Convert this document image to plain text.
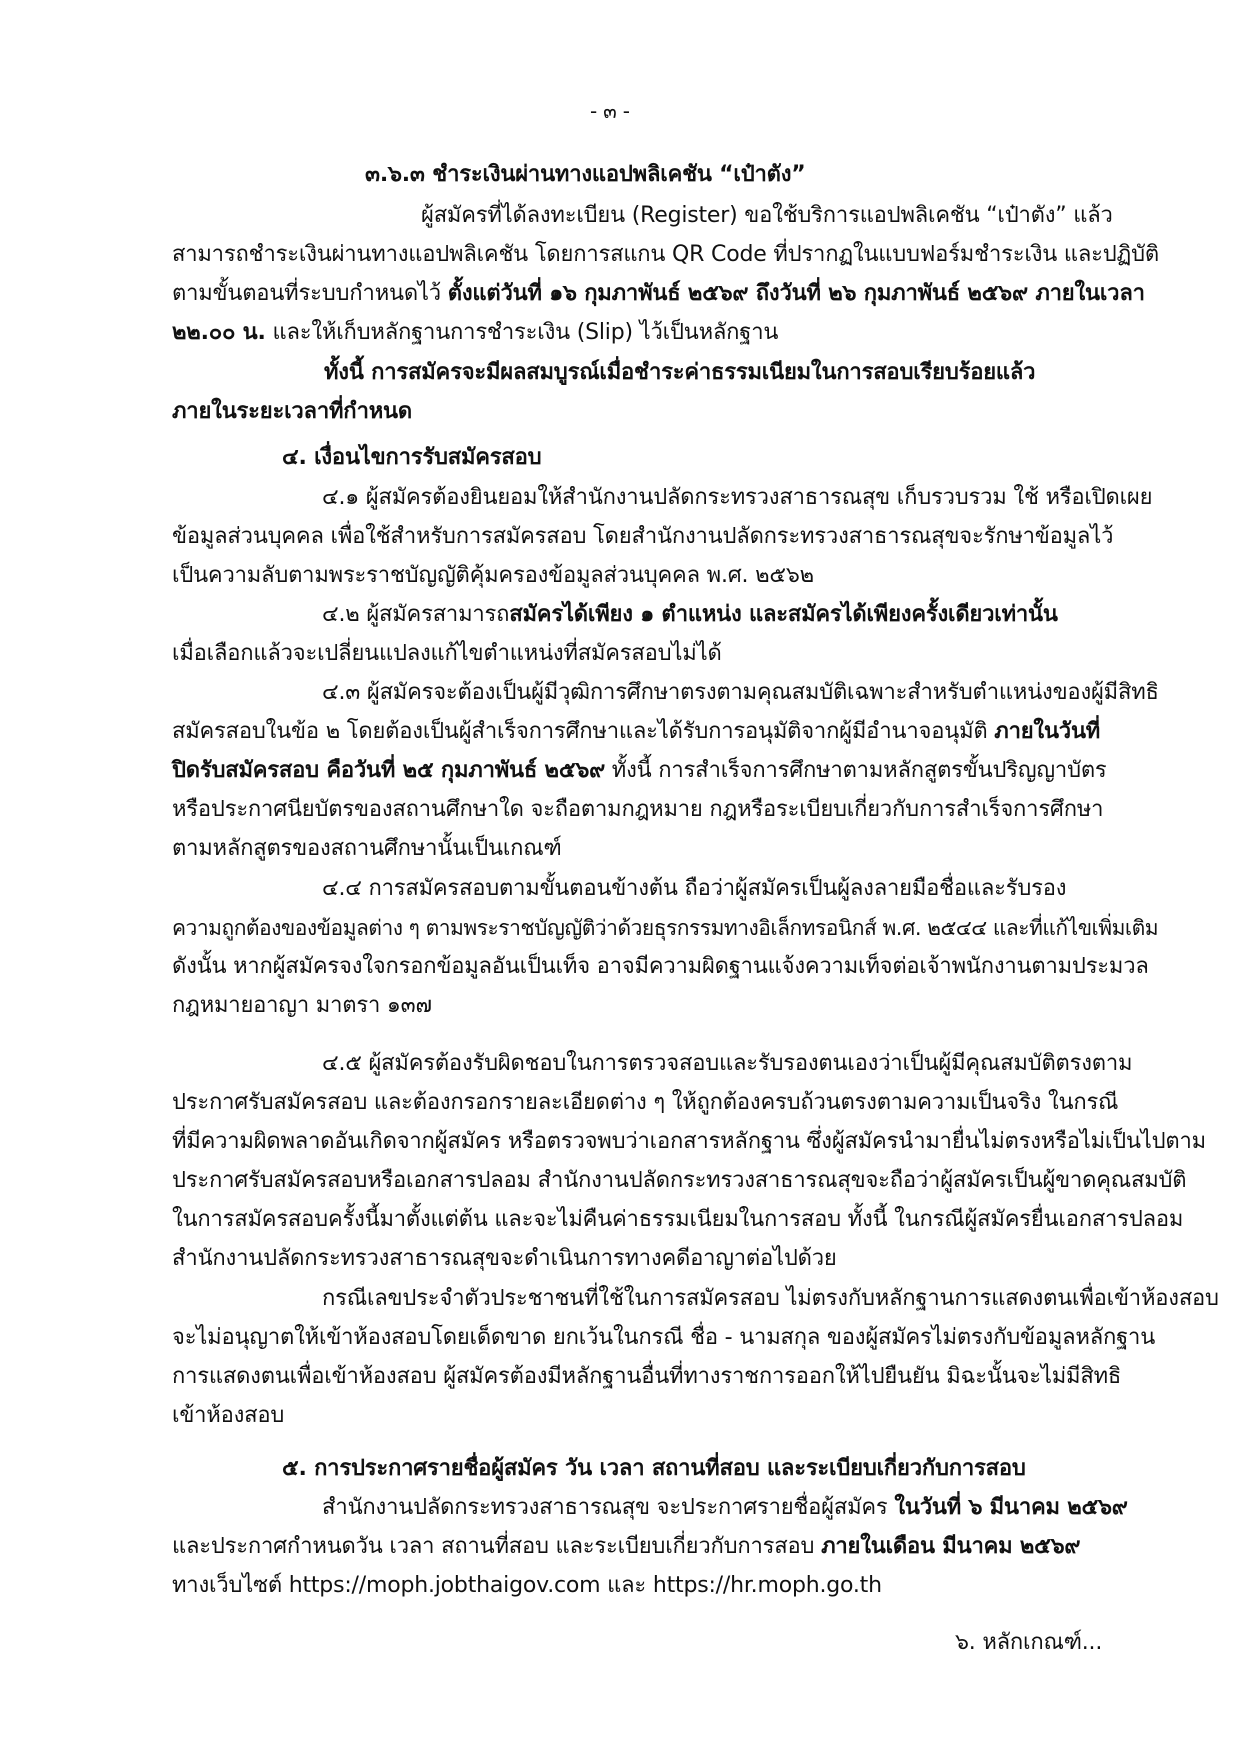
- ๓ -
๓.๖.๓ ชำระเงินผ่านทางแอปพลิเคชัน “เป๋าตัง”
ผู้สมัครที่ได้ลงทะเบียน (Register) ขอใช้บริการแอปพลิเคชัน “เป๋าตัง” แล้ว
สามารถชำระเงินผ่านทางแอปพลิเคชัน โดยการสแกน QR Code ที่ปรากฏในแบบฟอร์มชำระเงิน และปฏิบัติ
ตามขั้นตอนที่ระบบกำหนดไว้ ตั้งแต่วันที่ ๑๖ กุมภาพันธ์ ๒๕๖๙ ถึงวันที่ ๒๖ กุมภาพันธ์ ๒๕๖๙ ภายในเวลา
๒๒.๐๐ น. และให้เก็บหลักฐานการชำระเงิน (Slip) ไว้เป็นหลักฐาน
ทั้งนี้ การสมัครจะมีผลสมบูรณ์เมื่อชำระค่าธรรมเนียมในการสอบเรียบร้อยแล้ว
ภายในระยะเวลาที่กำหนด
๔. เงื่อนไขการรับสมัครสอบ
๔.๑ ผู้สมัครต้องยินยอมให้สำนักงานปลัดกระทรวงสาธารณสุข เก็บรวบรวม ใช้ หรือเปิดเผย
ข้อมูลส่วนบุคคล เพื่อใช้สำหรับการสมัครสอบ โดยสำนักงานปลัดกระทรวงสาธารณสุขจะรักษาข้อมูลไว้
เป็นความลับตามพระราชบัญญัติคุ้มครองข้อมูลส่วนบุคคล พ.ศ. ๒๕๖๒
๔.๒ ผู้สมัครสามารถสมัครได้เพียง ๑ ตำแหน่ง และสมัครได้เพียงครั้งเดียวเท่านั้น
เมื่อเลือกแล้วจะเปลี่ยนแปลงแก้ไขตำแหน่งที่สมัครสอบไม่ได้
๔.๓ ผู้สมัครจะต้องเป็นผู้มีวุฒิการศึกษาตรงตามคุณสมบัติเฉพาะสำหรับตำแหน่งของผู้มีสิทธิ
สมัครสอบในข้อ ๒ โดยต้องเป็นผู้สำเร็จการศึกษาและได้รับการอนุมัติจากผู้มีอำนาจอนุมัติ ภายในวันที่
ปิดรับสมัครสอบ คือวันที่ ๒๕ กุมภาพันธ์ ๒๕๖๙ ทั้งนี้ การสำเร็จการศึกษาตามหลักสูตรขั้นปริญญาบัตร
หรือประกาศนียบัตรของสถานศึกษาใด จะถือตามกฎหมาย กฎหรือระเบียบเกี่ยวกับการสำเร็จการศึกษา
ตามหลักสูตรของสถานศึกษานั้นเป็นเกณฑ์
๔.๔ การสมัครสอบตามขั้นตอนข้างต้น ถือว่าผู้สมัครเป็นผู้ลงลายมือชื่อและรับรอง
ความถูกต้องของข้อมูลต่าง ๆ ตามพระราชบัญญัติว่าด้วยธุรกรรมทางอิเล็กทรอนิกส์ พ.ศ. ๒๕๔๔ และที่แก้ไขเพิ่มเติม
ดังนั้น หากผู้สมัครจงใจกรอกข้อมูลอันเป็นเท็จ อาจมีความผิดฐานแจ้งความเท็จต่อเจ้าพนักงานตามประมวล
กฎหมายอาญา มาตรา ๑๓๗
๔.๕ ผู้สมัครต้องรับผิดชอบในการตรวจสอบและรับรองตนเองว่าเป็นผู้มีคุณสมบัติตรงตาม
ประกาศรับสมัครสอบ และต้องกรอกรายละเอียดต่าง ๆ ให้ถูกต้องครบถ้วนตรงตามความเป็นจริง ในกรณี
ที่มีความผิดพลาดอันเกิดจากผู้สมัคร หรือตรวจพบว่าเอกสารหลักฐาน ซึ่งผู้สมัครนำมายื่นไม่ตรงหรือไม่เป็นไปตาม
ประกาศรับสมัครสอบหรือเอกสารปลอม สำนักงานปลัดกระทรวงสาธารณสุขจะถือว่าผู้สมัครเป็นผู้ขาดคุณสมบัติ
ในการสมัครสอบครั้งนี้มาตั้งแต่ต้น และจะไม่คืนค่าธรรมเนียมในการสอบ ทั้งนี้ ในกรณีผู้สมัครยื่นเอกสารปลอม
สำนักงานปลัดกระทรวงสาธารณสุขจะดำเนินการทางคดีอาญาต่อไปด้วย
กรณีเลขประจำตัวประชาชนที่ใช้ในการสมัครสอบ ไม่ตรงกับหลักฐานการแสดงตนเพื่อเข้าห้องสอบ
จะไม่อนุญาตให้เข้าห้องสอบโดยเด็ดขาด ยกเว้นในกรณี ชื่อ - นามสกุล ของผู้สมัครไม่ตรงกับข้อมูลหลักฐาน
การแสดงตนเพื่อเข้าห้องสอบ ผู้สมัครต้องมีหลักฐานอื่นที่ทางราชการออกให้ไปยืนยัน มิฉะนั้นจะไม่มีสิทธิ
เข้าห้องสอบ
๕. การประกาศรายชื่อผู้สมัคร วัน เวลา สถานที่สอบ และระเบียบเกี่ยวกับการสอบ
สำนักงานปลัดกระทรวงสาธารณสุข จะประกาศรายชื่อผู้สมัคร ในวันที่ ๖ มีนาคม ๒๕๖๙
และประกาศกำหนดวัน เวลา สถานที่สอบ และระเบียบเกี่ยวกับการสอบ ภายในเดือน มีนาคม ๒๕๖๙
ทางเว็บไซต์ https://moph.jobthaigov.com และ https://hr.moph.go.th
๖. หลักเกณฑ์...
